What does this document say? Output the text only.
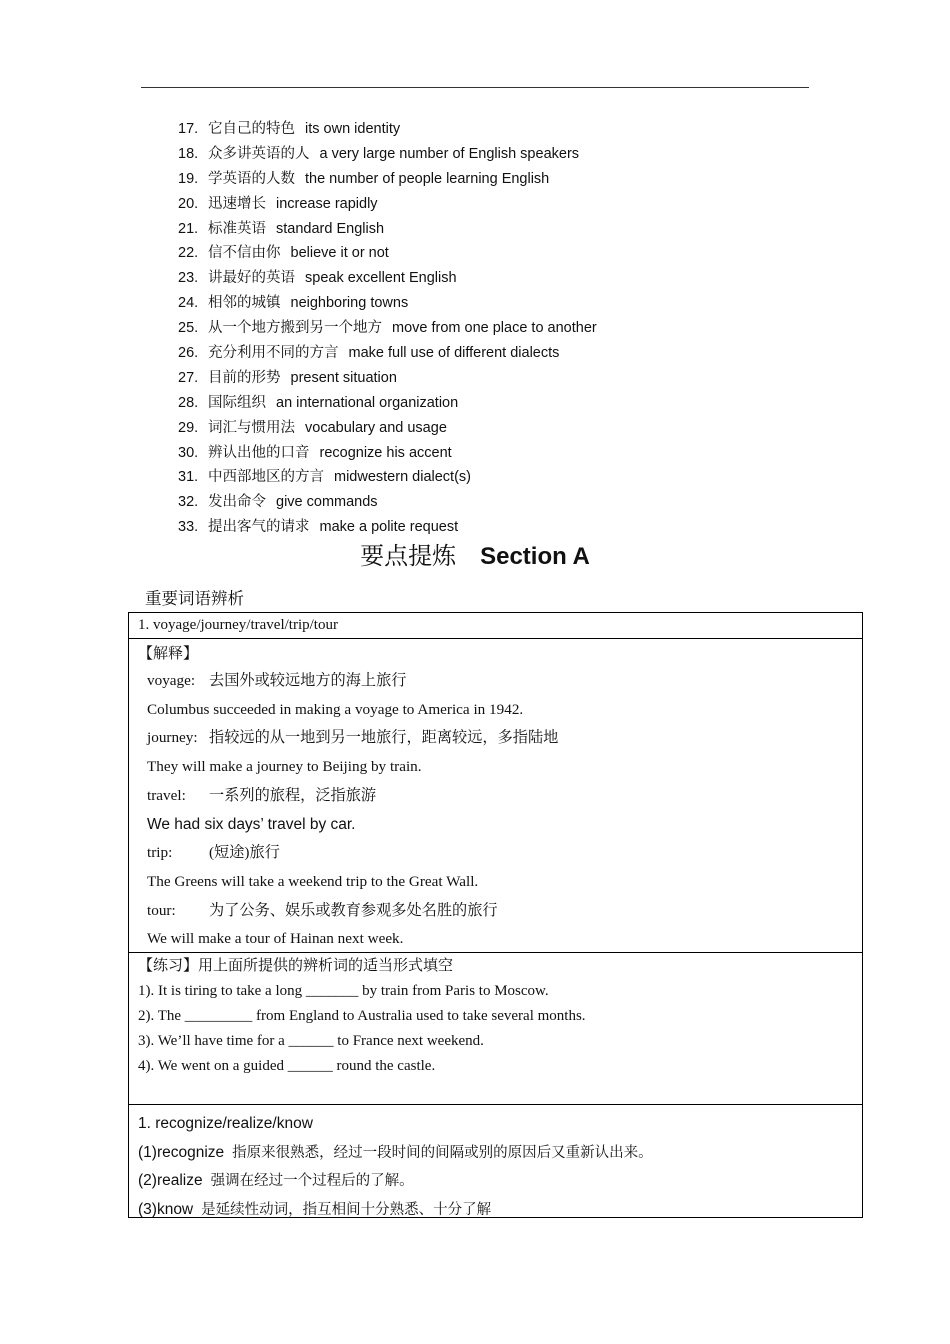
17. 它自己的特色 its own identity
18. 众多讲英语的人 a very large number of English speakers
19. 学英语的人数 the number of people learning English
20. 迅速增长 increase rapidly
21. 标准英语 standard English
22. 信不信由你 believe it or not
23. 讲最好的英语 speak excellent English
24. 相邻的城镇 neighboring towns
25. 从一个地方搬到另一个地方 move from one place to another
26. 充分利用不同的方言 make full use of different dialects
27. 目前的形势 present situation
28. 国际组织 an international organization
29. 词汇与惯用法 vocabulary and usage
30. 辨认出他的口音 recognize his accent
31. 中西部地区的方言 midwestern dialect(s)
32. 发出命令 give commands
33. 提出客气的请求 make a polite request
要点提炼 Section A
重要词语辨析
1. voyage/journey/travel/trip/tour
【解释】
voyage: 去国外或较远地方的海上旅行
Columbus succeeded in making a voyage to America in 1942.
journey: 指较远的从一地到另一地旅行，距离较远，多指陆地
They will make a journey to Beijing by train.
travel: 一系列的旅程，泛指旅游
We had six days’ travel by car.
trip: (短途)旅行
The Greens will take a weekend trip to the Great Wall.
tour: 为了公务、娱乐或教育参观多处名胜的旅行
We will make a tour of Hainan next week.
【练习】用上面所提供的辨析词的适当形式填空
1). It is tiring to take a long _______ by train from Paris to Moscow.
2). The _________ from England to Australia used to take several months.
3). We’ll have time for a ______ to France next weekend.
4). We went on a guided ______ round the castle.
1. recognize/realize/know
(1)recognize 指原来很熟悉，经过一段时间的间隔或别的原因后又重新认出来。
(2)realize 强调在经过一个过程后的了解。
(3)know 是延续性动词，指互相间十分熟悉、十分了解
